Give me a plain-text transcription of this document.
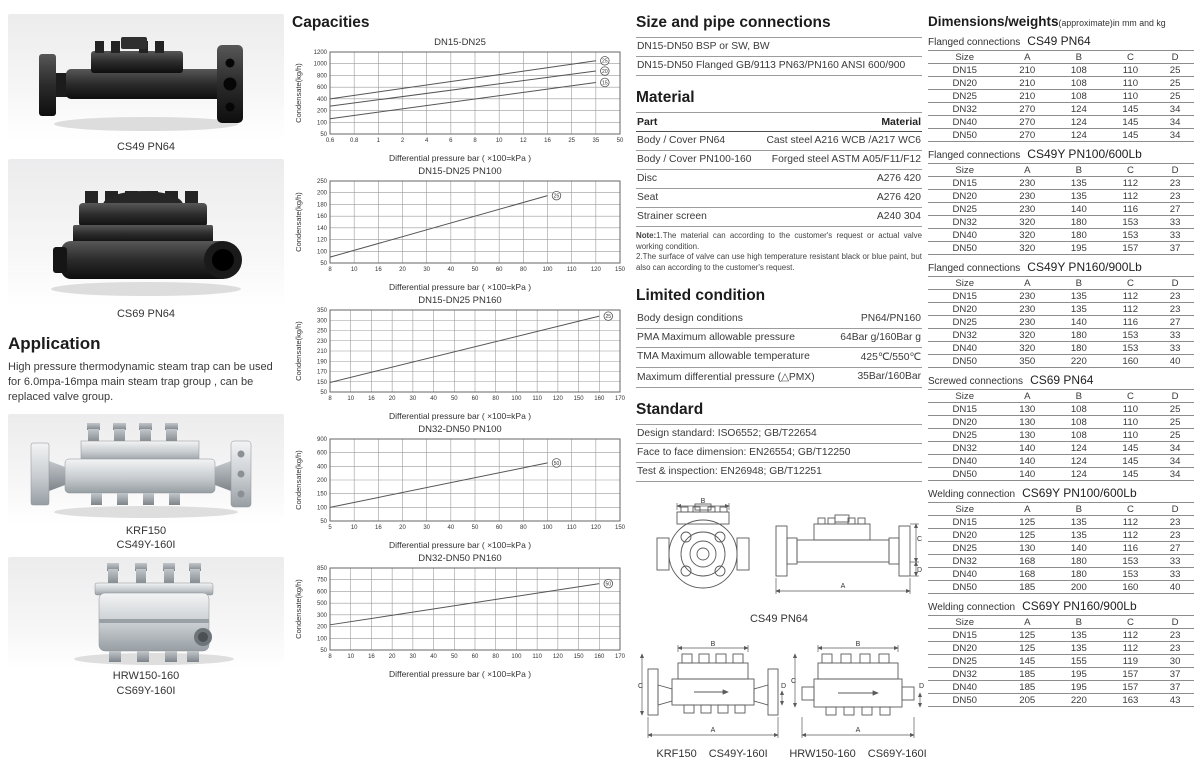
CS49 PN64
CS69 PN64
Application

High pressure thermodynamic steam trap can be used for 6.0mpa-16mpa main steam trap group , can be replaced valve group.

KRF150
CS49Y-160I
HRW150-160
CS69Y-160I
Capacities
DN15-DN25
0.6	0.8	1	2	4	6	8	10	12	16	25	35	50
50
100
200
400
600
800
1000
1200
Condensate(kg/h)
25
20
15
Differential pressure bar ( ×100=kPa )
DN15-DN25 PN100
8	10	16	20	30	40	50	60	80	100 110 120 150
50
100
120
140
160
180
200
250
Condensate(kg/h)	25
Differential pressure bar ( ×100=kPa )
DN15-DN25 PN160
8	10 16 20 30 40 50 60 80 100 110 120 150 160 170
50
150
170
190
210
230
250
300
350
Condensate(kg/h)
25
Differential pressure bar ( ×100=kPa )
DN32-DN50 PN100
5	10	16	20	30	40	50	60	80	100 110 120 150
50
100
150
200
400
600
900
Condensate(kg/h)	50
Differential pressure bar ( ×100=kPa )
DN32-DN50 PN160
8	10 16 20 30 40 50 60 80 100 110 120 150 160 170
50
100
200
300
500
600
750
850
Condensate(kg/h)	50
Differential pressure bar ( ×100=kPa )
Size and pipe connections
DN15-DN50 BSP or SW, BW
DN15-DN50 Flanged GB/9113 PN63/PN160 ANSI 600/900
Material
Part	Material
Body / Cover PN64	Cast steel A216 WCB /A217 WC6
Body / Cover PN100-160 Forged steel ASTM A05/F11/F12
Disc	A276 420
Seat	A276 420
Strainer screen	A240 304

Note:1.The material can according to the customer's request or actual valve working condition.
2.The surface of valve can use high temperature resistant black or blue paint, but also can according to the customer's request.

Limited condition
Body design conditions	PN64/PN160
PMA Maximum allowable pressure	64Bar g/160Bar g
TMA Maximum allowable temperature	425℃/550℃
Maximum differential pressure (△PMX)	35Bar/160Bar
Standard
Design standard: ISO6552; GB/T22654
Face to face dimension: EN26554; GB/T12250
Test & inspection: EN26948; GB/T12251
B
A
C
D
CS49 PN64
B
C
A
D
KRF150 CS49Y-160I
B
C
A
D
HRW150-160 CS69Y-160I
Dimensions/weights(approximate)in mm and kg
Flanged connections CS49 PN64
Size	A	B	C	D
DN15	210	108	110	25
DN20	210	108	110	25
DN25	210	108	110	25
DN32	270	124	145	34
DN40	270	124	145	34
DN50	270	124	145	34
Flanged connections CS49Y PN100/600Lb
Size	A	B	C	D
DN15	230	135	112	23
DN20	230	135	112	23
DN25	230	140	116	27
DN32	320	180	153	33
DN40	320	180	153	33
DN50	320	195	157	37
Flanged connections CS49Y PN160/900Lb
Size	A	B	C	D
DN15	230	135	112	23
DN20	230	135	112	23
DN25	230	140	116	27
DN32	320	180	153	33
DN40	320	180	153	33
DN50	350	220	160	40
Screwed connections CS69 PN64
Size	A	B	C	D
DN15	130	108	110	25
DN20	130	108	110	25
DN25	130	108	110	25
DN32	140	124	145	34
DN40	140	124	145	34
DN50	140	124	145	34
Welding connection CS69Y PN100/600Lb
Size	A	B	C	D
DN15	125	135	112	23
DN20	125	135	112	23
DN25	130	140	116	27
DN32	168	180	153	33
DN40	168	180	153	33
DN50	185	200	160	40
Welding connection CS69Y PN160/900Lb
Size	A	B	C	D
DN15	125	135	112	23
DN20	125	135	112	23
DN25	145	155	119	30
DN32	185	195	157	37
DN40	185	195	157	37
DN50	205	220	163	43
